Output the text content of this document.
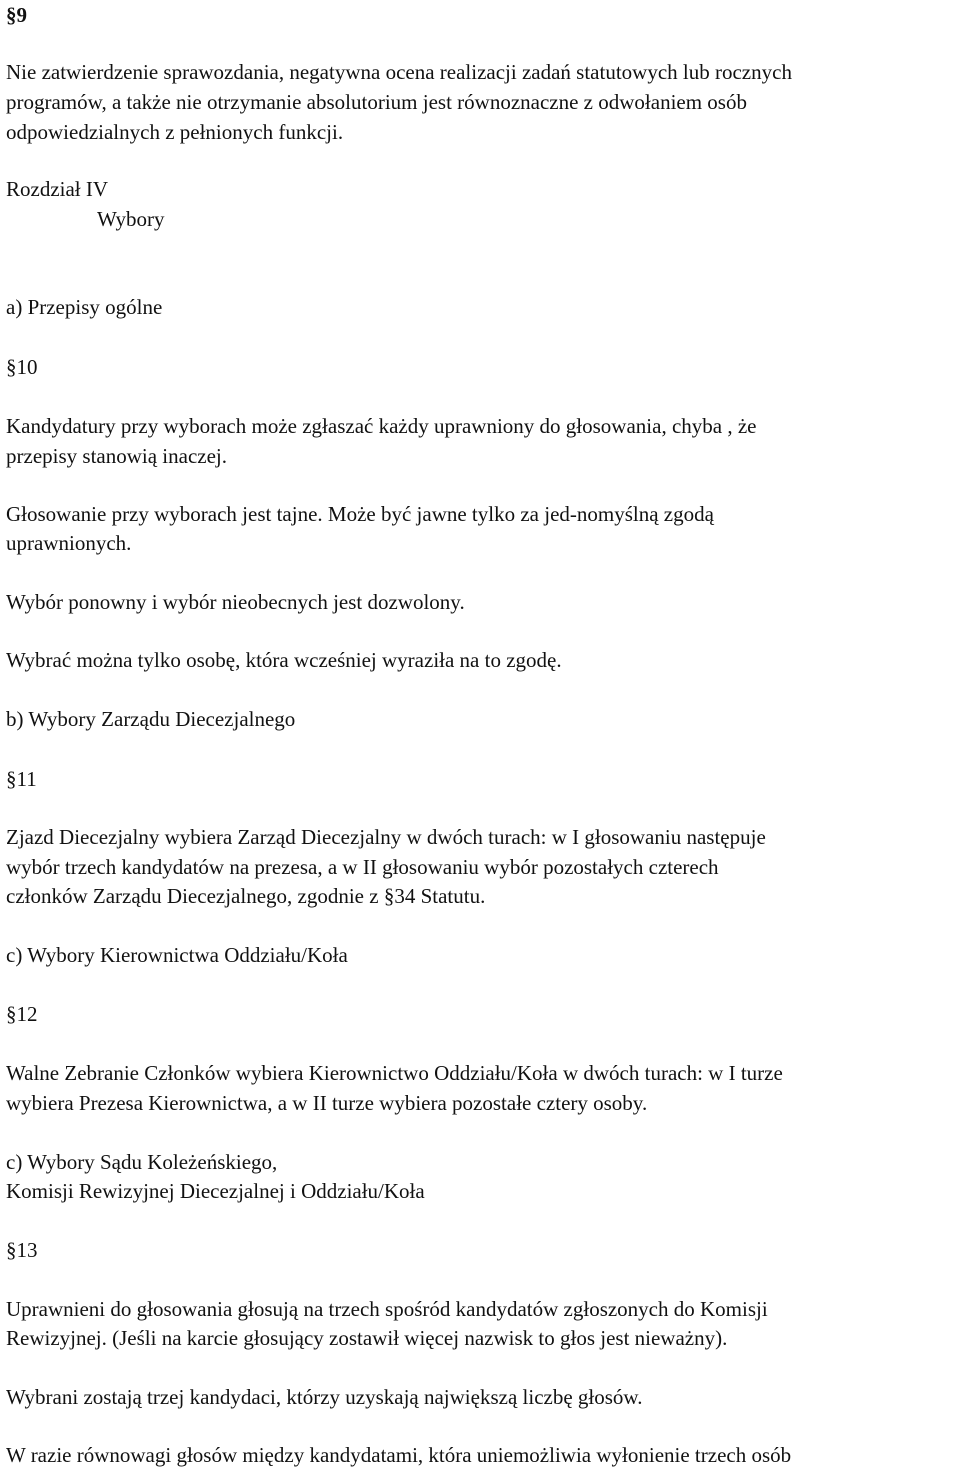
§9
Nie zatwierdzenie sprawozdania, negatywna ocena realizacji zadań statutowych lub rocznych
programów, a także nie otrzymanie absolutorium jest równoznaczne z odwołaniem osób
odpowiedzialnych z pełnionych funkcji.
Rozdział IV
Wybory
a) Przepisy ogólne
§10
Kandydatury przy wyborach może zgłaszać każdy uprawniony do głosowania, chyba , że
przepisy stanowią inaczej.
Głosowanie przy wyborach jest tajne. Może być jawne tylko za jed-nomyślną zgodą
uprawnionych.
Wybór ponowny i wybór nieobecnych jest dozwolony.
Wybrać można tylko osobę, która wcześniej wyraziła na to zgodę.
b) Wybory Zarządu Diecezjalnego
§11
Zjazd Diecezjalny wybiera Zarząd Diecezjalny w dwóch turach: w I głosowaniu następuje
wybór trzech kandydatów na prezesa, a w II głosowaniu wybór pozostałych czterech
członków Zarządu Diecezjalnego, zgodnie z §34 Statutu.
c) Wybory Kierownictwa Oddziału/Koła
§12
Walne Zebranie Członków wybiera Kierownictwo Oddziału/Koła w dwóch turach: w I turze
wybiera Prezesa Kierownictwa, a w II turze wybiera pozostałe cztery osoby.
c) Wybory Sądu Koleżeńskiego,
Komisji Rewizyjnej Diecezjalnej i Oddziału/Koła
§13
Uprawnieni do głosowania głosują na trzech spośród kandydatów zgłoszonych do Komisji
Rewizyjnej. (Jeśli na karcie głosujący zostawił więcej nazwisk to głos jest nieważny).
Wybrani zostają trzej kandydaci, którzy uzyskają największą liczbę głosów.
W razie równowagi głosów między kandydatami, która uniemożliwia wyłonienie trzech osób
